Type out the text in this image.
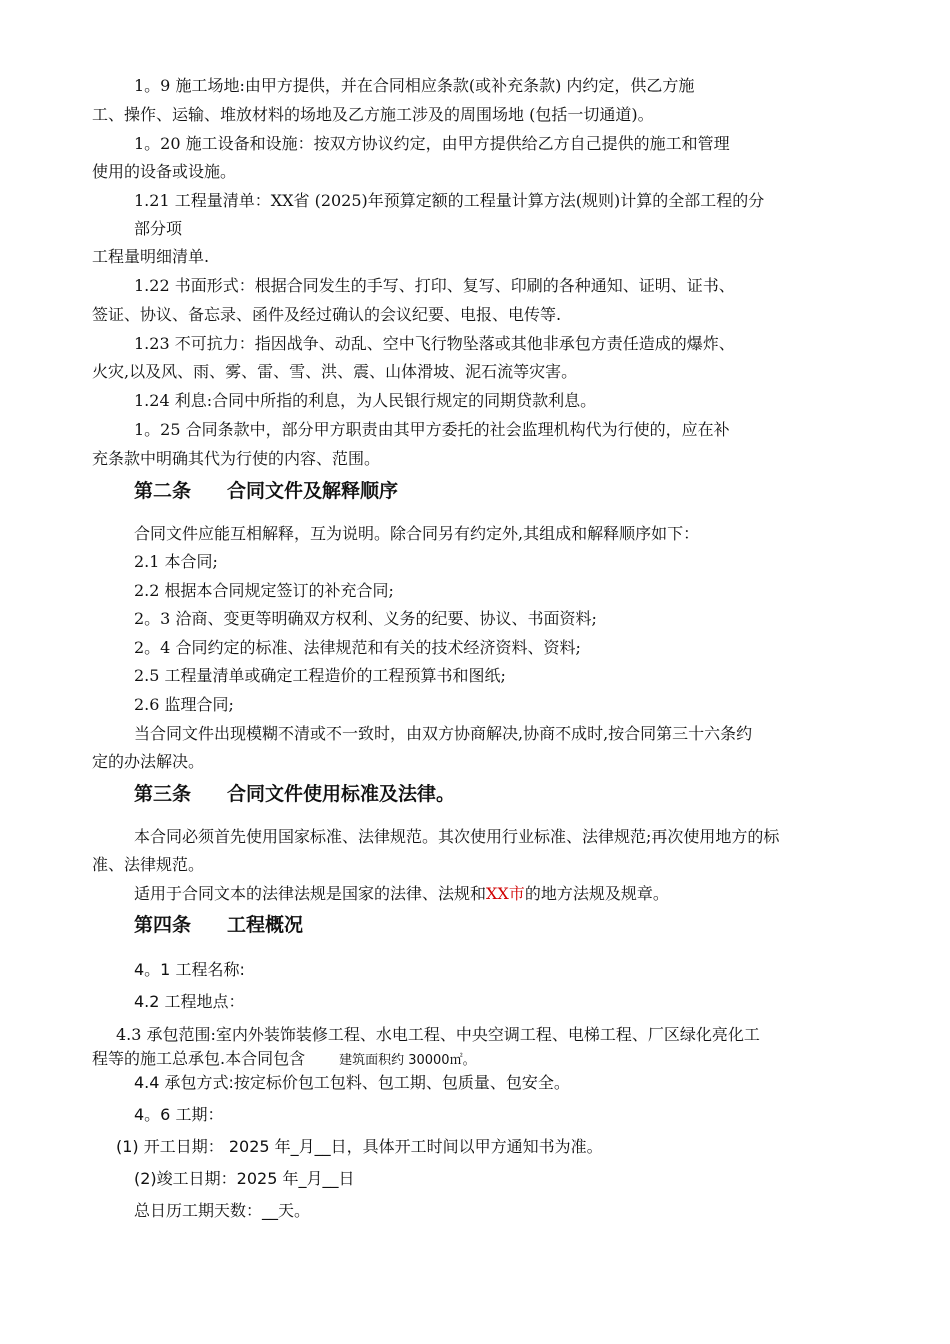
1。9 施工场地:由甲方提供，并在合同相应条款(或补充条款) 内约定，供乙方施
工、操作、运输、堆放材料的场地及乙方施工涉及的周围场地 (包括一切通道)。
1。20 施工设备和设施：按双方协议约定，由甲方提供给乙方自己提供的施工和管理
使用的设备或设施。
1.21 工程量清单：XX省 (2025)年预算定额的工程量计算方法(规则)计算的全部工程的分
部分项
工程量明细清单.
1.22 书面形式：根据合同发生的手写、打印、复写、印刷的各种通知、证明、证书、
签证、协议、备忘录、函件及经过确认的会议纪要、电报、电传等.
1.23 不可抗力：指因战争、动乱、空中飞行物坠落或其他非承包方责任造成的爆炸、
火灾,以及风、雨、雾、雷、雪、洪、震、山体滑坡、泥石流等灾害。
1.24 利息:合同中所指的利息，为人民银行规定的同期贷款利息。
1。25 合同条款中，部分甲方职责由其甲方委托的社会监理机构代为行使的，应在补
充条款中明确其代为行使的内容、范围。
第二条 合同文件及解释顺序
合同文件应能互相解释，互为说明。除合同另有约定外,其组成和解释顺序如下：
2.1 本合同;
2.2 根据本合同规定签订的补充合同;
2。3 洽商、变更等明确双方权利、义务的纪要、协议、书面资料;
2。4 合同约定的标准、法律规范和有关的技术经济资料、资料;
2.5 工程量清单或确定工程造价的工程预算书和图纸;
2.6 监理合同;
当合同文件出现模糊不清或不一致时，由双方协商解决,协商不成时,按合同第三十六条约
定的办法解决。
第三条 合同文件使用标准及法律。
本合同必须首先使用国家标准、法律规范。其次使用行业标准、法律规范;再次使用地方的标
准、法律规范。
适用于合同文本的法律法规是国家的法律、法规和XX市的地方法规及规章。
第四条 工程概况
4。1 工程名称:
4.2 工程地点：
4.3 承包范围:室内外装饰装修工程、水电工程、中央空调工程、电梯工程、厂区绿化亮化工
程等的施工总承包.本合同包含	建筑面积约 30000㎡。
4.4 承包方式:按定标价包工包料、包工期、包质量、包安全。
4。6 工期：
(1) 开工日期： 2025 年_月__日，具体开工时间以甲方通知书为准。
(2)竣工日期：2025 年_月__日
总日历工期天数：__天。
